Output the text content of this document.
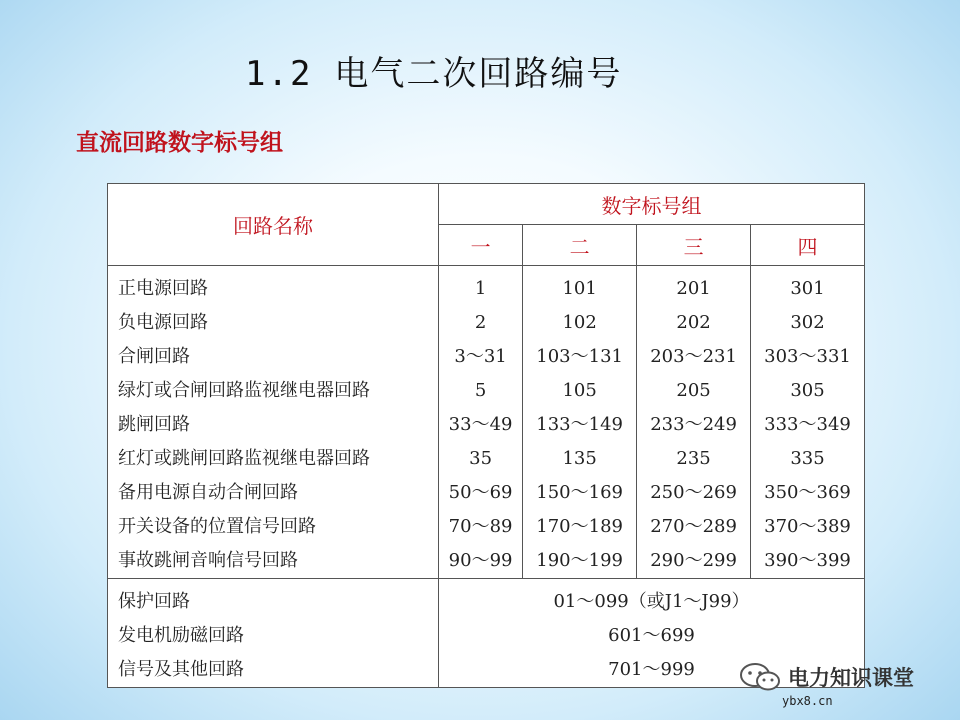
1.2 电气二次回路编号
直流回路数字标号组
回路名称	数字标号组			
	一	二	三	四
正电源回路	1	101	201	301
负电源回路	2	102	202	302
合闸回路	3～31	103～131	203～231	303～331
绿灯或合闸回路监视继电器回路	5	105	205	305
跳闸回路	33～49	133～149	233～249	333～349
红灯或跳闸回路监视继电器回路	35	135	235	335
备用电源自动合闸回路	50～69	150～169	250～269	350～369
开关设备的位置信号回路	70～89	170～189	270～289	370～389
事故跳闸音响信号回路	90～99	190～199	290～299	390～399
保护回路	01～099（或J1～J99）			
发电机励磁回路	601～699			
信号及其他回路	701～999				电力知识课堂
ybx8.cn
